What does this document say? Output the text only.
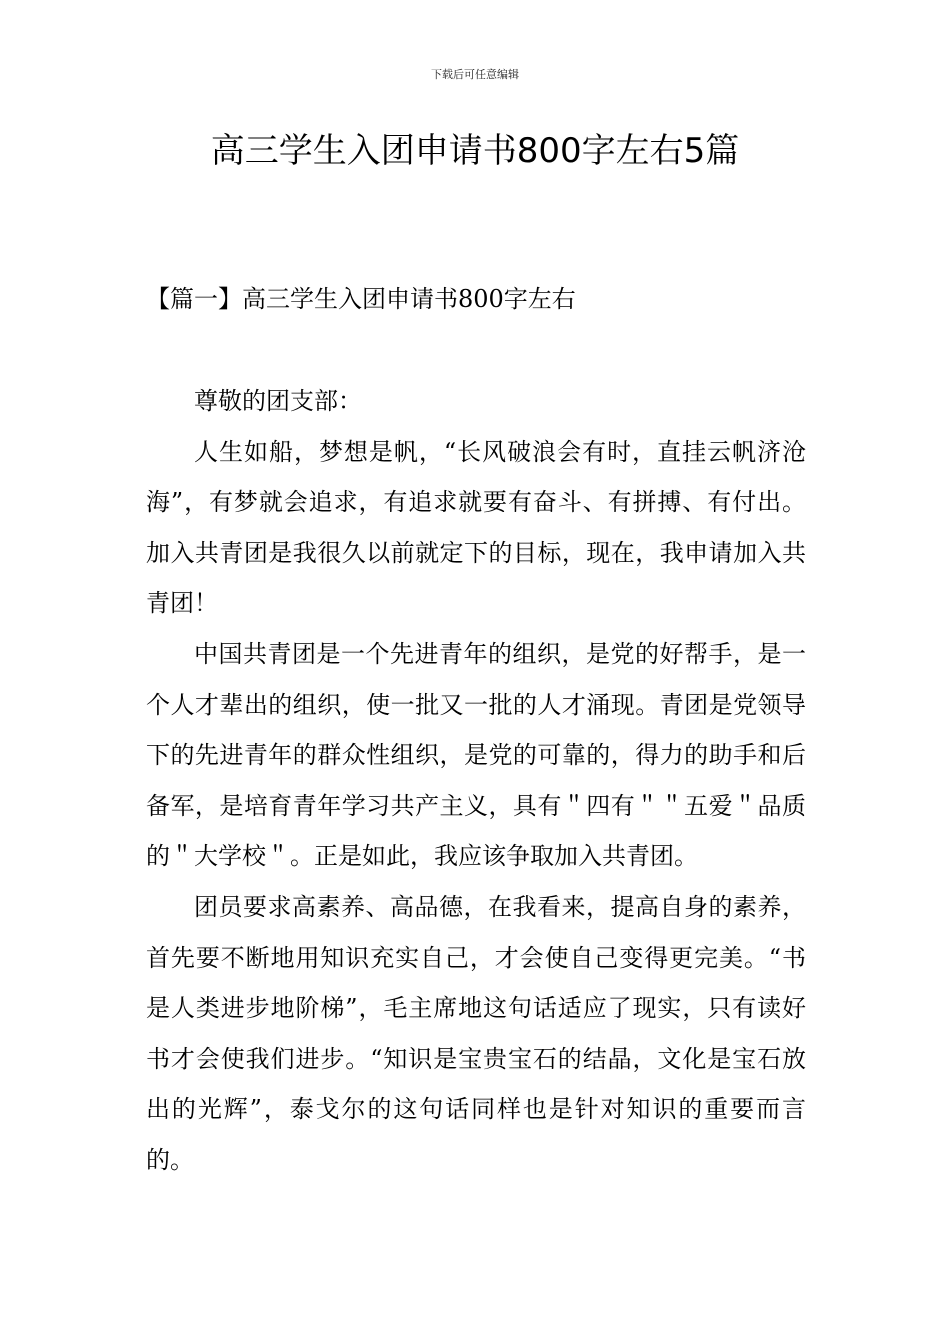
下载后可任意编辑
高三学生入团申请书800字左右5篇
【篇一】高三学生入团申请书800字左右

尊敬的团支部：

人生如船，梦想是帆，“长风破浪会有时，直挂云帆济沧海”，有梦就会追求，有追求就要有奋斗、有拼搏、有付出。加入共青团是我很久以前就定下的目标，现在，我申请加入共青团！

中国共青团是一个先进青年的组织，是党的好帮手，是一个人才辈出的组织，使一批又一批的人才涌现。青团是党领导下的先进青年的群众性组织，是党的可靠的，得力的助手和后备军，是培育青年学习共产主义，具有＂四有＂＂五爱＂品质的＂大学校＂。正是如此，我应该争取加入共青团。

团员要求高素养、高品德，在我看来，提高自身的素养，首先要不断地用知识充实自己，才会使自己变得更完美。“书是人类进步地阶梯”，毛主席地这句话适应了现实，只有读好书才会使我们进步。“知识是宝贵宝石的结晶，文化是宝石放出的光辉”，泰戈尔的这句话同样也是针对知识的重要而言的。
